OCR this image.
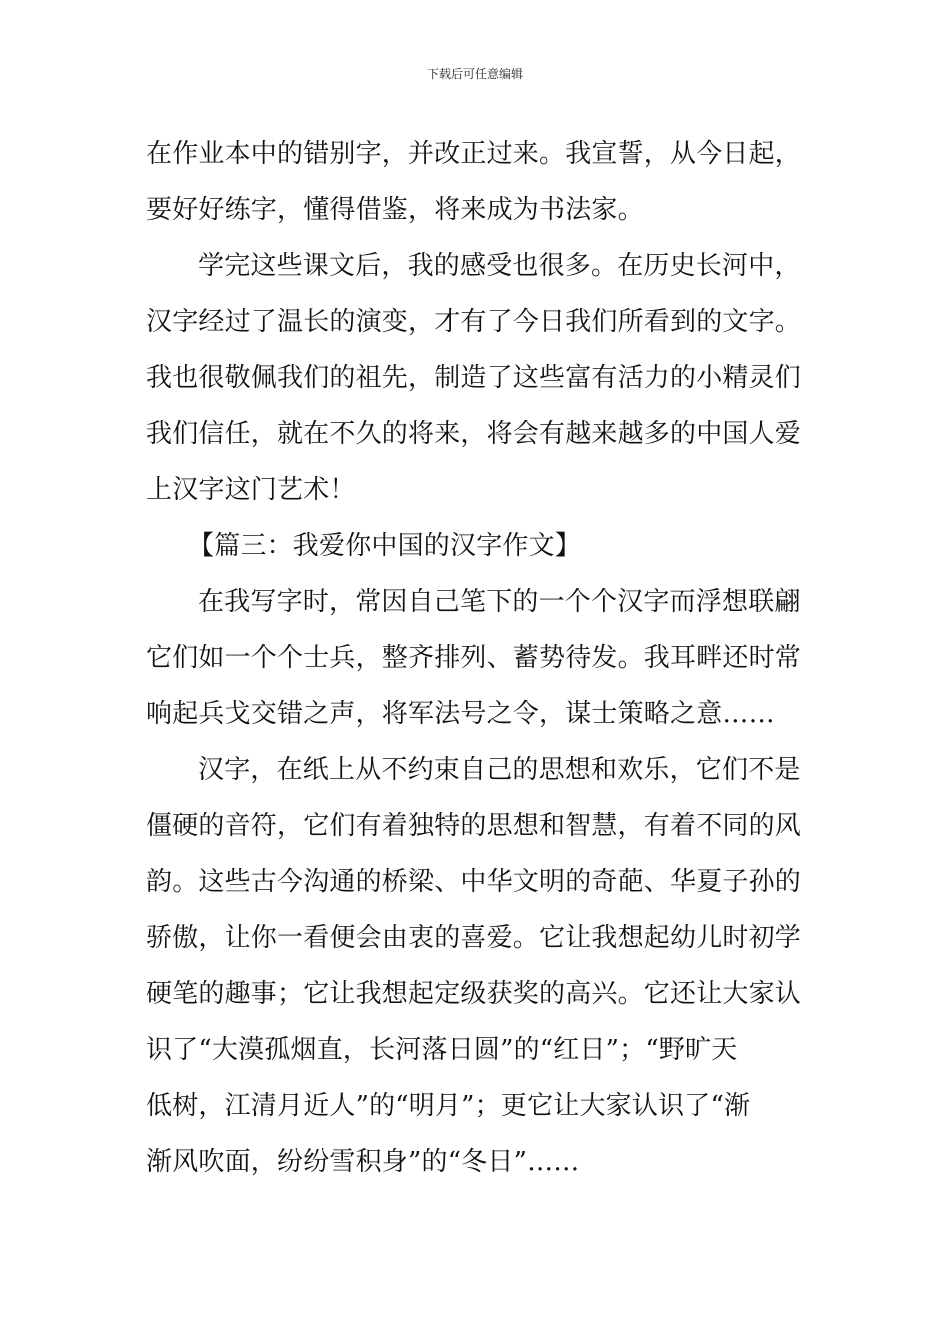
下载后可任意编辑
在作业本中的错别字，并改正过来。我宣誓，从今日起，
要好好练字，懂得借鉴，将来成为书法家。
学完这些课文后，我的感受也很多。在历史长河中，
汉字经过了温长的演变，才有了今日我们所看到的文字。
我也很敬佩我们的祖先，制造了这些富有活力的小精灵们
我们信任，就在不久的将来，将会有越来越多的中国人爱
上汉字这门艺术！
【篇三：我爱你中国的汉字作文】
在我写字时，常因自己笔下的一个个汉字而浮想联翩
它们如一个个士兵，整齐排列、蓄势待发。我耳畔还时常
响起兵戈交错之声，将军法号之令，谋士策略之意……
汉字，在纸上从不约束自己的思想和欢乐，它们不是
僵硬的音符，它们有着独特的思想和智慧，有着不同的风
韵。这些古今沟通的桥梁、中华文明的奇葩、华夏子孙的
骄傲，让你一看便会由衷的喜爱。它让我想起幼儿时初学
硬笔的趣事；它让我想起定级获奖的高兴。它还让大家认
识了“大漠孤烟直，长河落日圆”的“红日”；“野旷天
低树，江清月近人”的“明月”；更它让大家认识了“渐
渐风吹面，纷纷雪积身”的“冬日”……
